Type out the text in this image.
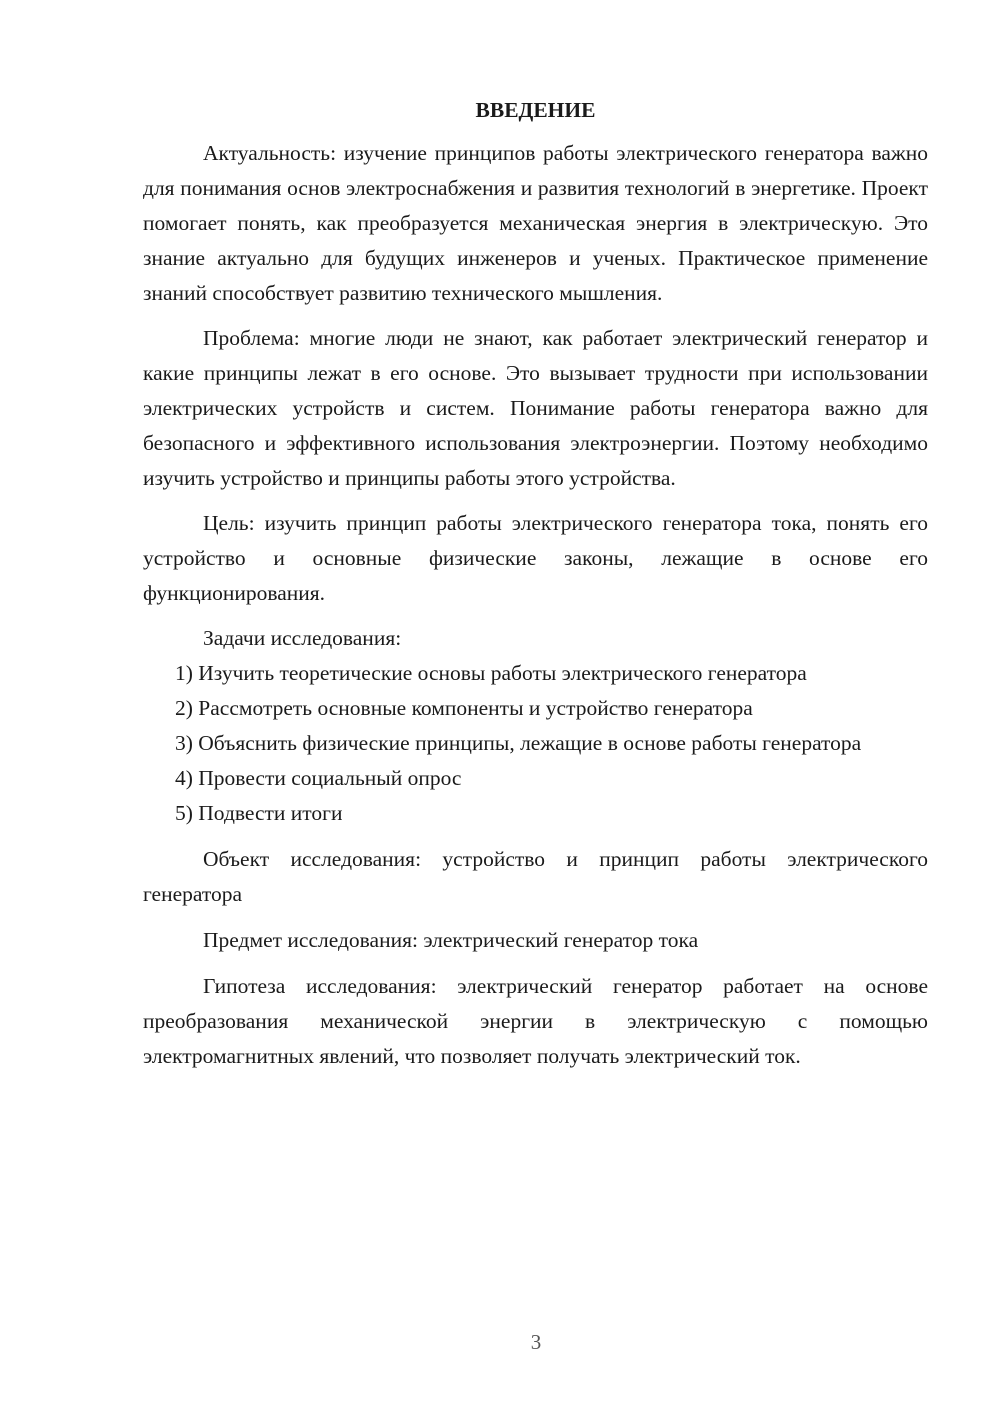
ВВЕДЕНИЕ

Актуальность: изучение принципов работы электрического генератора важно для понимания основ электроснабжения и развития технологий в энергетике. Проект помогает понять, как преобразуется механическая энергия в электрическую. Это знание актуально для будущих инженеров и ученых. Практическое применение знаний способствует развитию технического мышления.

Проблема: многие люди не знают, как работает электрический генератор и какие принципы лежат в его основе. Это вызывает трудности при использовании электрических устройств и систем. Понимание работы генератора важно для безопасного и эффективного использования электроэнергии. Поэтому необходимо изучить устройство и принципы работы этого устройства.

Цель: изучить принцип работы электрического генератора тока, понять его устройство и основные физические законы, лежащие в основе его функционирования.

Задачи исследования:

1) Изучить теоретические основы работы электрического генератора

2) Рассмотреть основные компоненты и устройство генератора

3) Объяснить физические принципы, лежащие в основе работы генератора

4) Провести социальный опрос

5) Подвести итоги

Объект исследования: устройство и принцип работы электрического генератора

Предмет исследования: электрический генератор тока

Гипотеза исследования: электрический генератор работает на основе преобразования механической энергии в электрическую с помощью электромагнитных явлений, что позволяет получать электрический ток.

3
